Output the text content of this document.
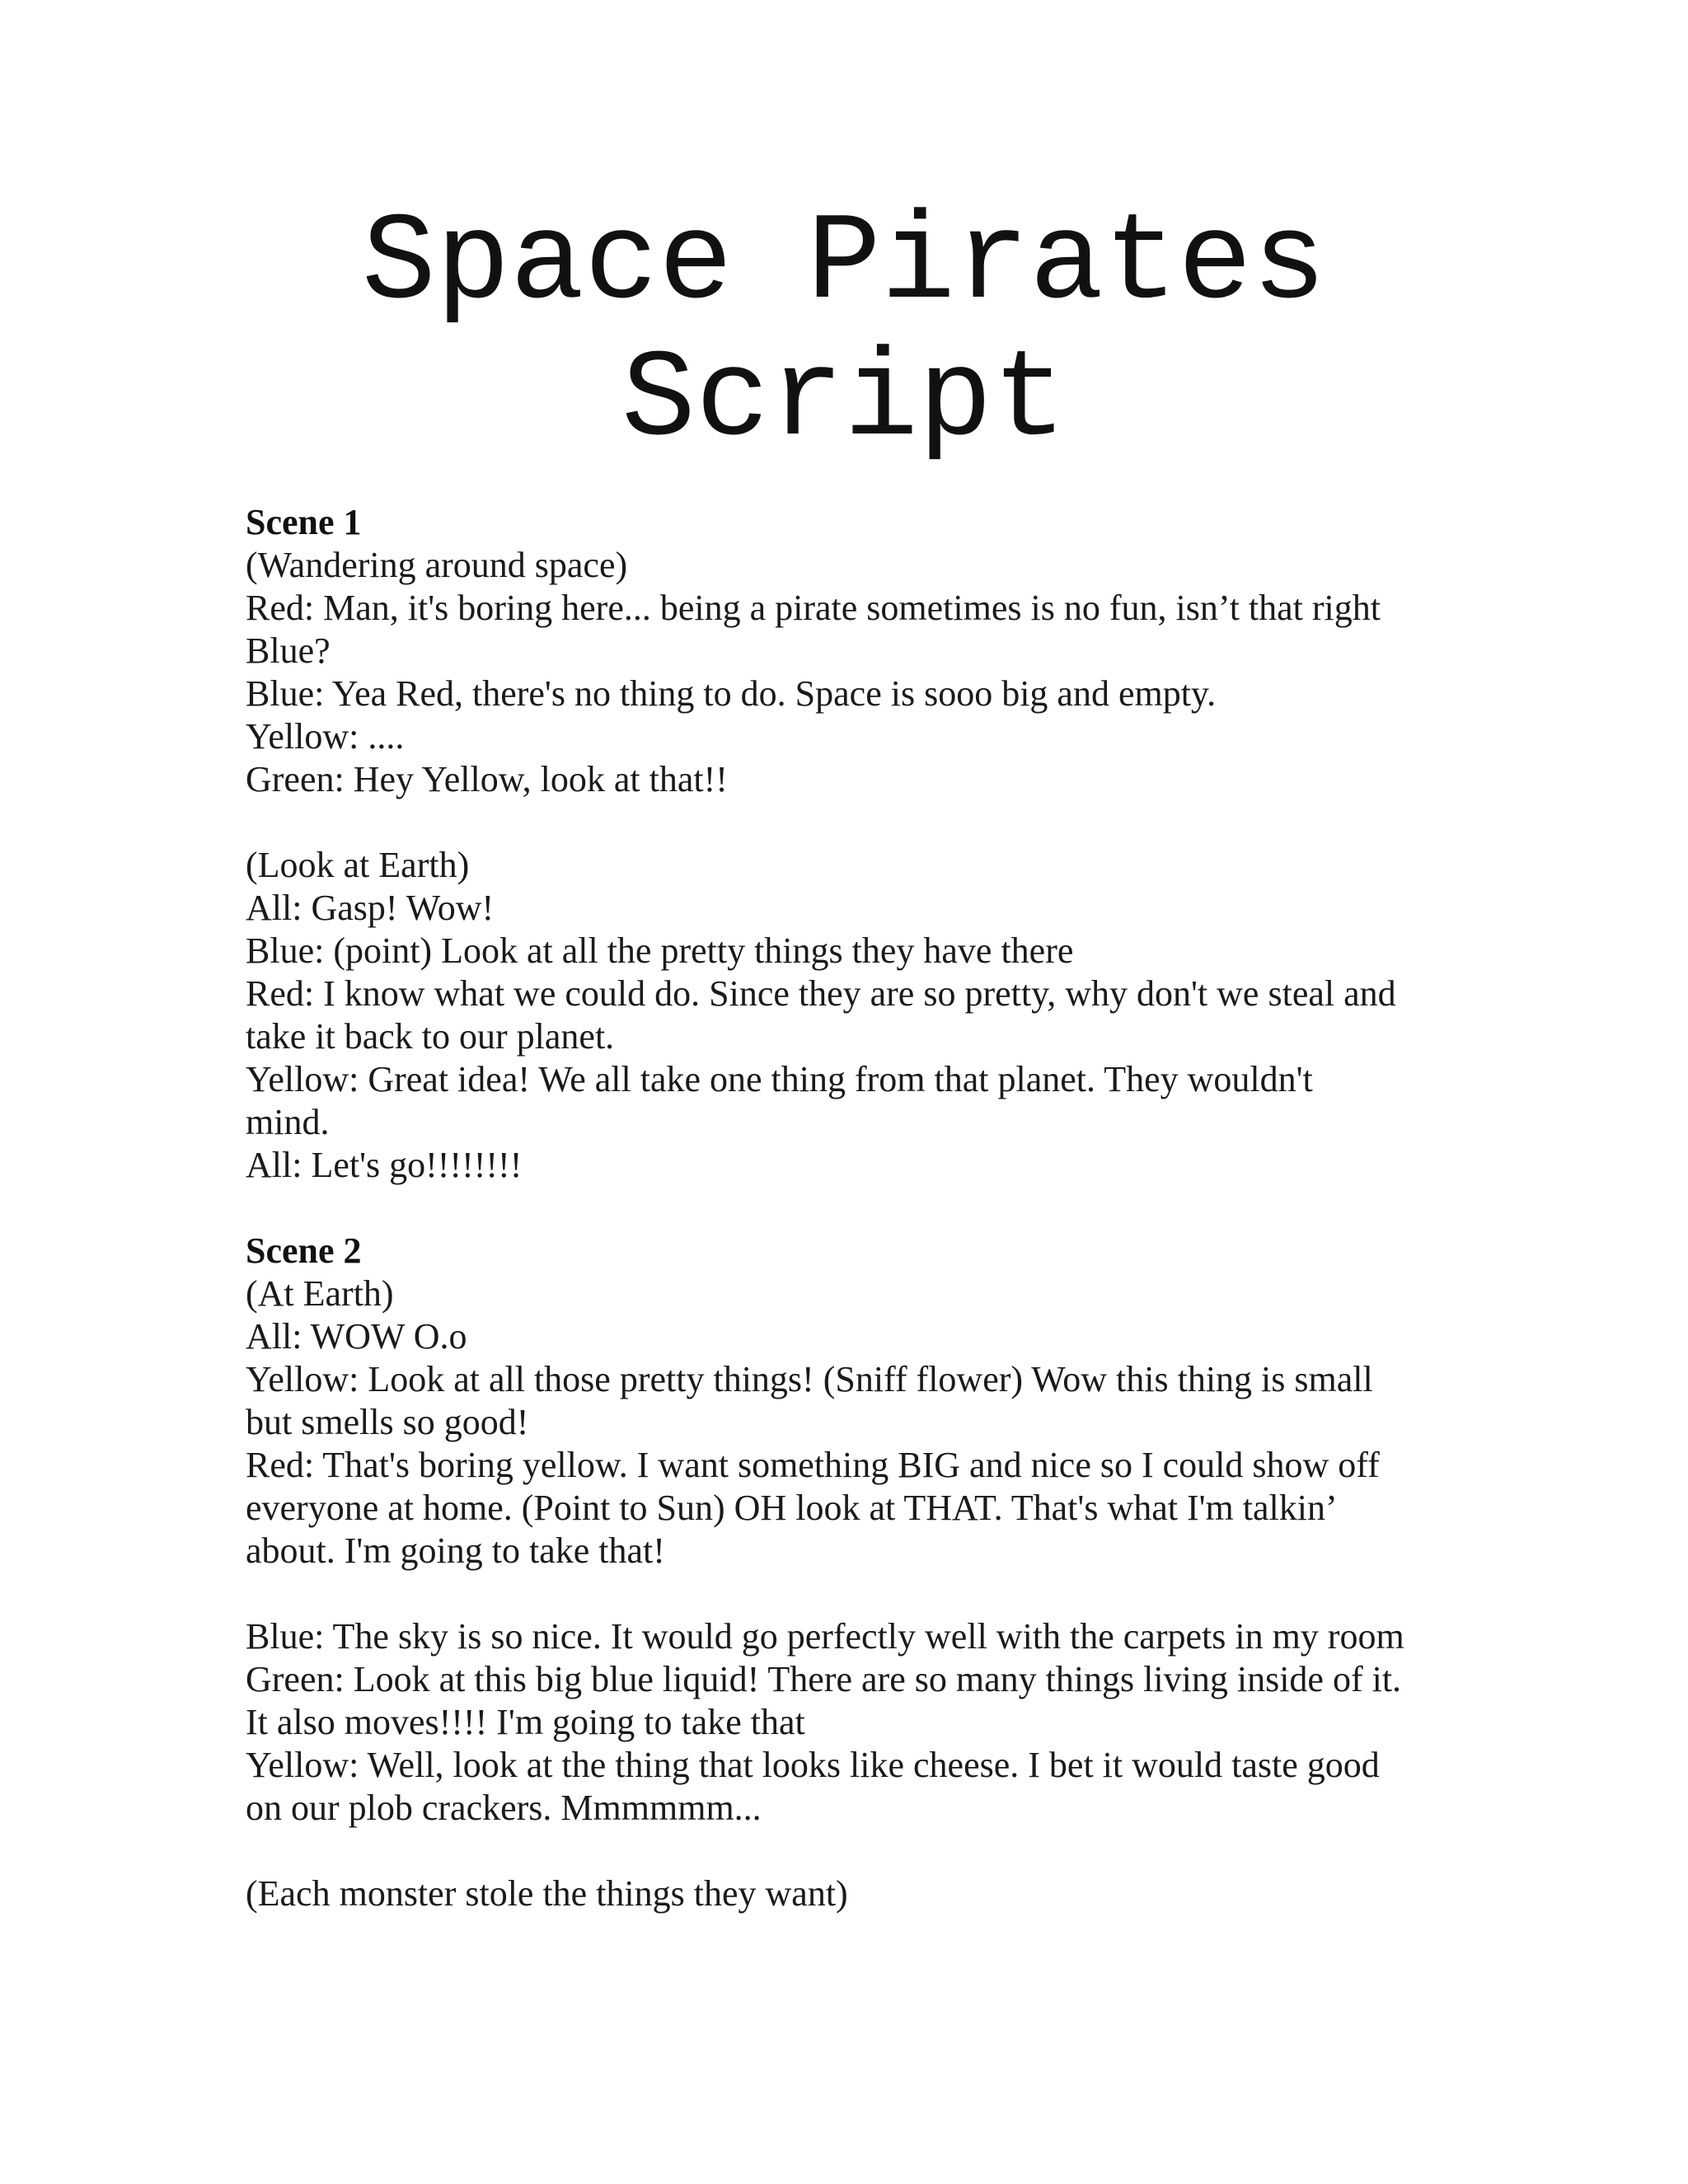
Space Pirates
Script

Scene 1

(Wandering around space)

Red: Man, it's boring here... being a pirate sometimes is no fun, isn’t that right

Blue?

Blue: Yea Red, there's no thing to do. Space is sooo big and empty.

Yellow: ....

Green: Hey Yellow, look at that!!

(Look at Earth)

All: Gasp! Wow!

Blue: (point) Look at all the pretty things they have there

Red: I know what we could do. Since they are so pretty, why don't we steal and

take it back to our planet.

Yellow: Great idea! We all take one thing from that planet. They wouldn't

mind.

All: Let's go!!!!!!!!

Scene 2

(At Earth)

All: WOW O.o

Yellow: Look at all those pretty things! (Sniff flower) Wow this thing is small

but smells so good!

Red: That's boring yellow. I want something BIG and nice so I could show off

everyone at home. (Point to Sun) OH look at THAT. That's what I'm talkin’

about. I'm going to take that!

Blue: The sky is so nice. It would go perfectly well with the carpets in my room

Green: Look at this big blue liquid! There are so many things living inside of it.

It also moves!!!! I'm going to take that

Yellow: Well, look at the thing that looks like cheese. I bet it would taste good

on our plob crackers. Mmmmmm...

(Each monster stole the things they want)
